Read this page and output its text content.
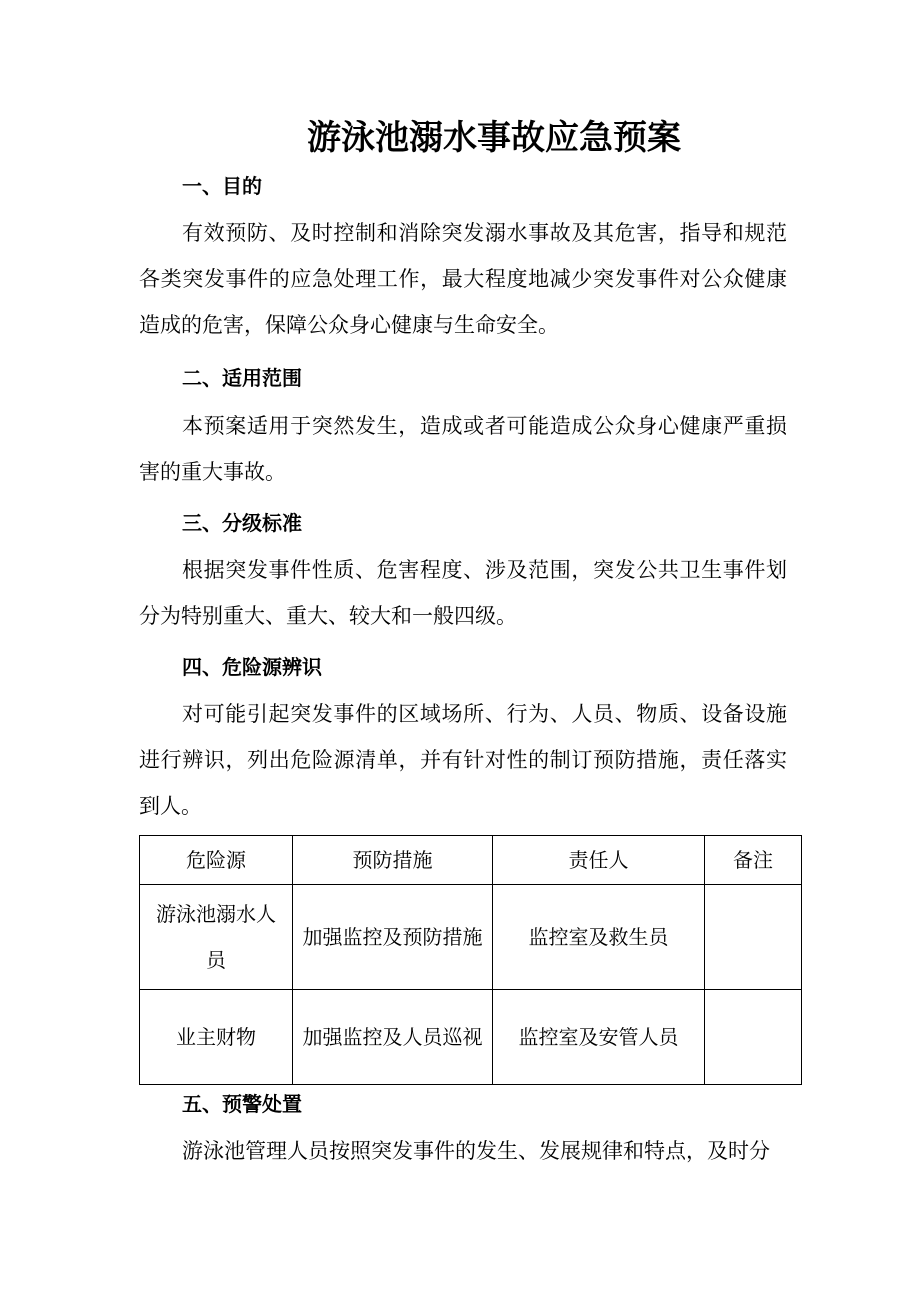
游泳池溺水事故应急预案
一、目的

有效预防、及时控制和消除突发溺水事故及其危害，指导和规范各类突发事件的应急处理工作，最大程度地减少突发事件对公众健康造成的危害，保障公众身心健康与生命安全。

二、适用范围

本预案适用于突然发生，造成或者可能造成公众身心健康严重损害的重大事故。

三、分级标准

根据突发事件性质、危害程度、涉及范围，突发公共卫生事件划分为特别重大、重大、较大和一般四级。

四、危险源辨识

对可能引起突发事件的区域场所、行为、人员、物质、设备设施进行辨识，列出危险源清单，并有针对性的制订预防措施，责任落实到人。

危险源	预防措施	责任人	备注
游泳池溺水人员	加强监控及预防措施	监控室及救生员	
业主财物	加强监控及人员巡视	监控室及安管人员	
五、预警处置

游泳池管理人员按照突发事件的发生、发展规律和特点，及时分
